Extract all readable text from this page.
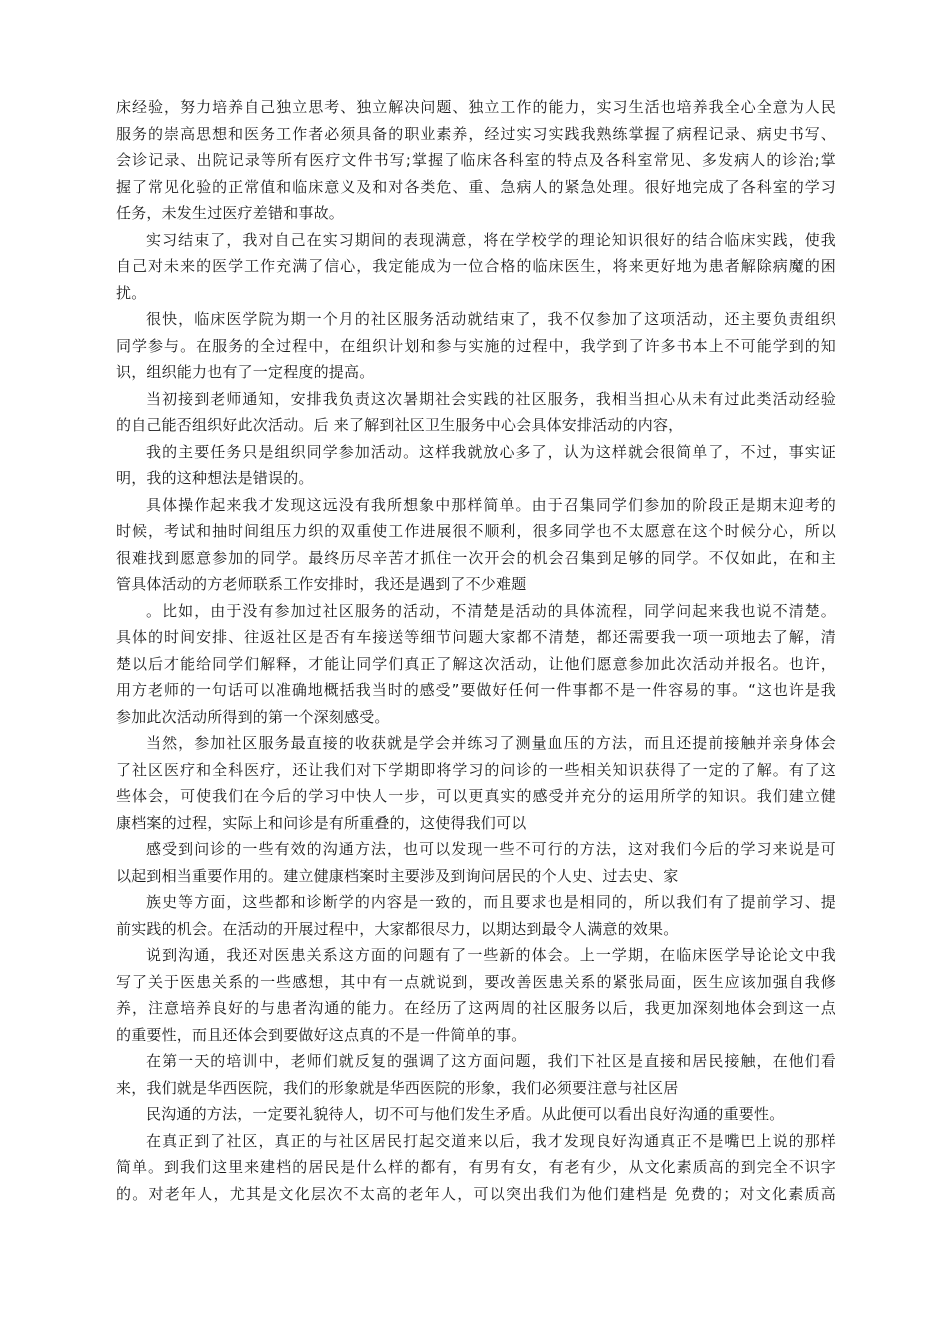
床经验，努力培养自己独立思考、独立解决问题、独立工作的能力，实习生活也培养我全心全意为人民
服务的崇高思想和医务工作者必须具备的职业素养，经过实习实践我熟练掌握了病程记录、病史书写、
会诊记录、出院记录等所有医疗文件书写;掌握了临床各科室的特点及各科室常见、多发病人的诊治;掌
握了常见化验的正常值和临床意义及和对各类危、重、急病人的紧急处理。很好地完成了各科室的学习
任务，未发生过医疗差错和事故。
实习结束了，我对自己在实习期间的表现满意，将在学校学的理论知识很好的结合临床实践，使我
自己对未来的医学工作充满了信心，我定能成为一位合格的临床医生，将来更好地为患者解除病魔的困
扰。
很快，临床医学院为期一个月的社区服务活动就结束了，我不仅参加了这项活动，还主要负责组织
同学参与。在服务的全过程中，在组织计划和参与实施的过程中，我学到了许多书本上不可能学到的知
识，组织能力也有了一定程度的提高。
当初接到老师通知，安排我负责这次暑期社会实践的社区服务，我相当担心从未有过此类活动经验
的自己能否组织好此次活动。后 来了解到社区卫生服务中心会具体安排活动的内容，
我的主要任务只是组织同学参加活动。这样我就放心多了，认为这样就会很简单了，不过，事实证
明，我的这种想法是错误的。
具体操作起来我才发现这远没有我所想象中那样简单。由于召集同学们参加的阶段正是期末迎考的
时候，考试和抽时间组压力织的双重使工作进展很不顺利，很多同学也不太愿意在这个时候分心，所以
很难找到愿意参加的同学。最终历尽辛苦才抓住一次开会的机会召集到足够的同学。不仅如此，在和主
管具体活动的方老师联系工作安排时，我还是遇到了不少难题
。比如，由于没有参加过社区服务的活动，不清楚是活动的具体流程，同学问起来我也说不清楚。
具体的时间安排、往返社区是否有车接送等细节问题大家都不清楚，都还需要我一项一项地去了解，清
楚以后才能给同学们解释，才能让同学们真正了解这次活动，让他们愿意参加此次活动并报名。也许，
用方老师的一句话可以准确地概括我当时的感受”要做好任何一件事都不是一件容易的事。“这也许是我
参加此次活动所得到的第一个深刻感受。
当然，参加社区服务最直接的收获就是学会并练习了测量血压的方法，而且还提前接触并亲身体会
了社区医疗和全科医疗，还让我们对下学期即将学习的问诊的一些相关知识获得了一定的了解。有了这
些体会，可使我们在今后的学习中快人一步，可以更真实的感受并充分的运用所学的知识。我们建立健
康档案的过程，实际上和问诊是有所重叠的，这使得我们可以
感受到问诊的一些有效的沟通方法，也可以发现一些不可行的方法，这对我们今后的学习来说是可
以起到相当重要作用的。建立健康档案时主要涉及到询问居民的个人史、过去史、家
族史等方面，这些都和诊断学的内容是一致的，而且要求也是相同的，所以我们有了提前学习、提
前实践的机会。在活动的开展过程中，大家都很尽力，以期达到最令人满意的效果。
说到沟通，我还对医患关系这方面的问题有了一些新的体会。上一学期，在临床医学导论论文中我
写了关于医患关系的一些感想，其中有一点就说到，要改善医患关系的紧张局面，医生应该加强自我修
养，注意培养良好的与患者沟通的能力。在经历了这两周的社区服务以后，我更加深刻地体会到这一点
的重要性，而且还体会到要做好这点真的不是一件简单的事。
在第一天的培训中，老师们就反复的强调了这方面问题，我们下社区是直接和居民接触，在他们看
来，我们就是华西医院，我们的形象就是华西医院的形象，我们必须要注意与社区居
民沟通的方法，一定要礼貌待人，切不可与他们发生矛盾。从此便可以看出良好沟通的重要性。
在真正到了社区，真正的与社区居民打起交道来以后，我才发现良好沟通真正不是嘴巴上说的那样
简单。到我们这里来建档的居民是什么样的都有，有男有女，有老有少，从文化素质高的到完全不识字
的。对老年人，尤其是文化层次不太高的老年人，可以突出我们为他们建档是 免费的；对文化素质高
